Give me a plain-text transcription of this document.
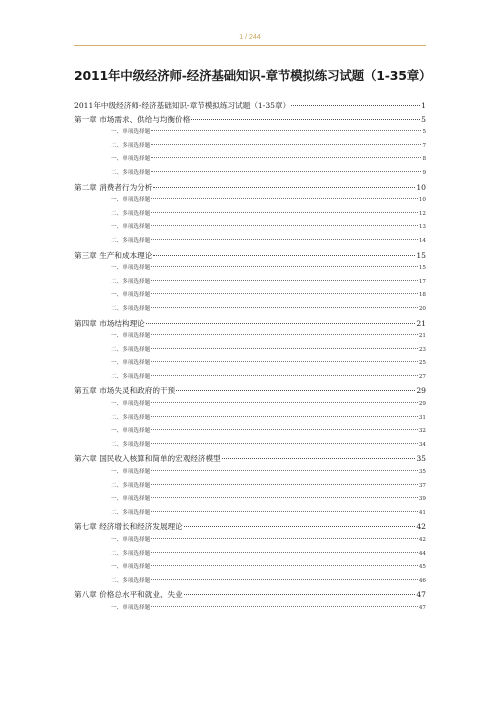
1 / 244
2011年中级经济师-经济基础知识-章节模拟练习试题（1-35章）
2011年中级经济师-经济基础知识-章节模拟练习试题（1-35章）	1
第一章 市场需求、供给与均衡价格	5
一、单项选择题	5
二、多项选择题	7
一、单项选择题	8
二、多项选择题	9
第二章 消费者行为分析	10
一、单项选择题	10
二、多项选择题	12
一、单项选择题	13
二、多项选择题	14
第三章 生产和成本理论	15
一、单项选择题	15
二、多项选择题	17
一、单项选择题	18
二、多项选择题	20
第四章 市场结构理论	21
一、单项选择题	21
二、多项选择题	23
一、单项选择题	25
二、多项选择题	27
第五章 市场失灵和政府的干预	29
一、单项选择题	29
二、多项选择题	31
一、单项选择题	32
二、多项选择题	34
第六章 国民收入核算和简单的宏观经济模型	35
一、单项选择题	35
二、多项选择题	37
一、单项选择题	39
二、多项选择题	41
第七章 经济增长和经济发展理论	42
一、单项选择题	42
二、多项选择题	44
一、单项选择题	45
二、多项选择题	46
第八章 价格总水平和就业、失业	47
一、单项选择题	47
